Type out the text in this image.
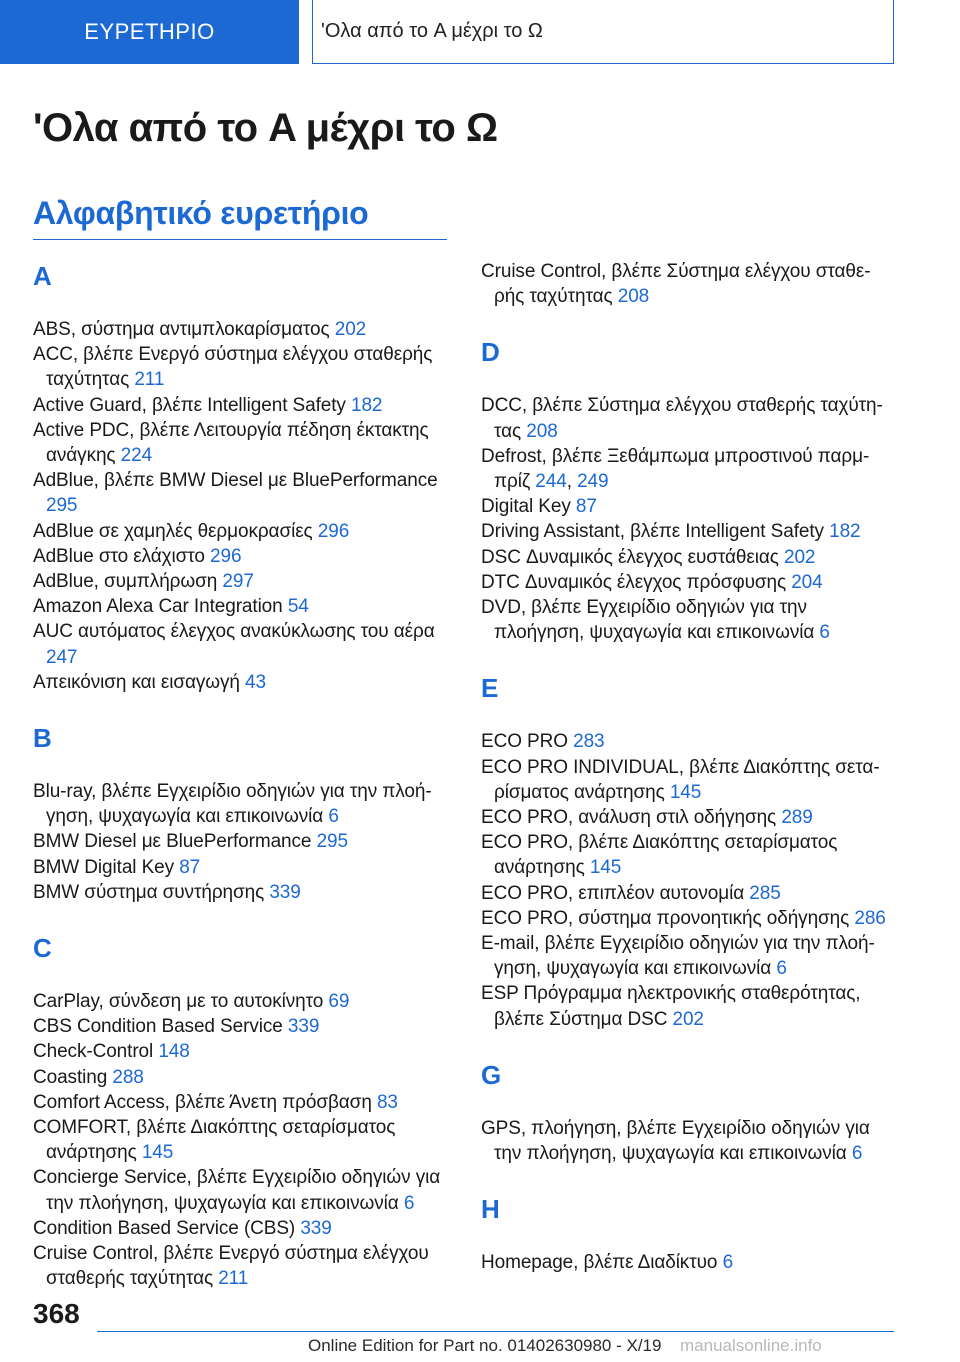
ΕΥΡΕΤΗΡΙΟ	'Ολα από το A μέχρι το Ω
'Ολα από το A μέχρι το Ω
Αλφαβητικό ευρετήριο
A

ABS, σύστημα αντιμπλοκαρίσματος 202

ACC, βλέπε Ενεργό σύστημα ελέγχου σταθερής ταχύτητας 211

Active Guard, βλέπε Intelligent Safety 182

Active PDC, βλέπε Λειτουργία πέδηση έκτακτης ανάγκης 224

AdBlue, βλέπε BMW Diesel με BluePerformance 295

AdBlue σε χαμηλές θερμοκρασίες 296

AdBlue στο ελάχιστο 296

AdBlue, συμπλήρωση 297

Amazon Alexa Car Integration 54

AUC αυτόματος έλεγχος ανακύκλωσης του αέρα 247

Απεικόνιση και εισαγωγή 43

B

Blu-ray, βλέπε Εγχειρίδιο οδηγιών για την πλοήγηση, ψυχαγωγία και επικοινωνία 6

BMW Diesel με BluePerformance 295

BMW Digital Key 87

BMW σύστημα συντήρησης 339

C

CarPlay, σύνδεση με το αυτοκίνητο 69

CBS Condition Based Service 339

Check-Control 148

Coasting 288

Comfort Access, βλέπε Άνετη πρόσβαση 83

COMFORT, βλέπε Διακόπτης σεταρίσματος ανάρτησης 145

Concierge Service, βλέπε Εγχειρίδιο οδηγιών για την πλοήγηση, ψυχαγωγία και επικοινωνία 6

Condition Based Service (CBS) 339

Cruise Control, βλέπε Ενεργό σύστημα ελέγχου σταθερής ταχύτητας 211

Cruise Control, βλέπε Σύστημα ελέγχου σταθερής ταχύτητας 208

D

DCC, βλέπε Σύστημα ελέγχου σταθερής ταχύτητας 208

Defrost, βλέπε Ξεθάμπωμα μπροστινού παρμπρίζ 244, 249

Digital Key 87

Driving Assistant, βλέπε Intelligent Safety 182

DSC Δυναμικός έλεγχος ευστάθειας 202

DTC Δυναμικός έλεγχος πρόσφυσης 204

DVD, βλέπε Εγχειρίδιο οδηγιών για την πλοήγηση, ψυχαγωγία και επικοινωνία 6

E

ECO PRO 283

ECO PRO INDIVIDUAL, βλέπε Διακόπτης σεταρίσματος ανάρτησης 145

ECO PRO, ανάλυση στιλ οδήγησης 289

ECO PRO, βλέπε Διακόπτης σεταρίσματος ανάρτησης 145

ECO PRO, επιπλέον αυτονομία 285

ECO PRO, σύστημα προνοητικής οδήγησης 286

E-mail, βλέπε Εγχειρίδιο οδηγιών για την πλοήγηση, ψυχαγωγία και επικοινωνία 6

ESP Πρόγραμμα ηλεκτρονικής σταθερότητας, βλέπε Σύστημα DSC 202

G

GPS, πλοήγηση, βλέπε Εγχειρίδιο οδηγιών για την πλοήγηση, ψυχαγωγία και επικοινωνία 6

H

Homepage, βλέπε Διαδίκτυο 6

368
Online Edition for Part no. 01402630980 - X/19 manualsonline.info
